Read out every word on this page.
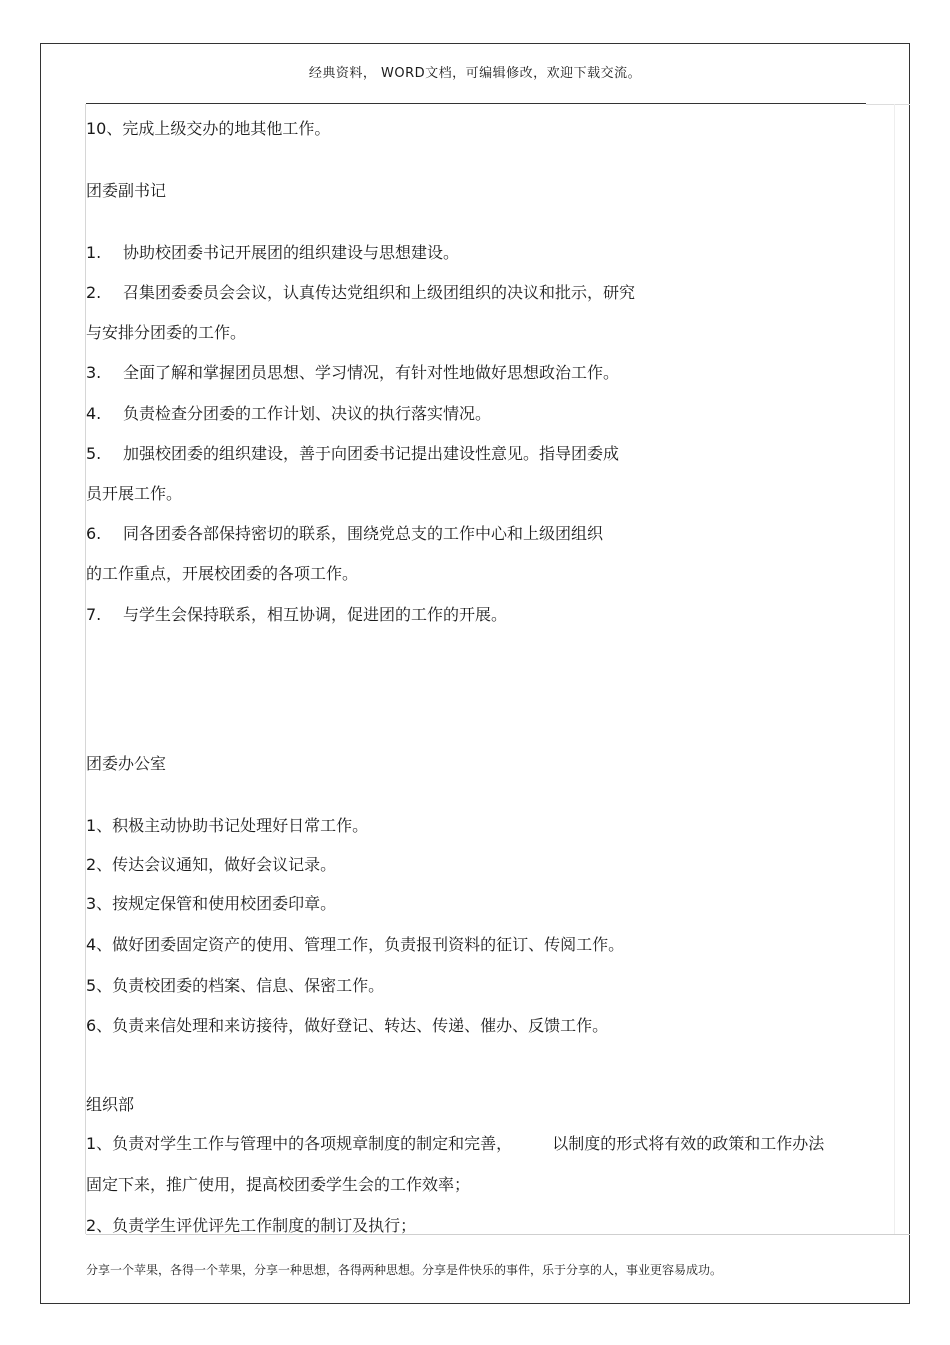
经典资料， WORD文档，可编辑修改，欢迎下载交流。
10、完成上级交办的地其他工作。
团委副书记
1. 协助校团委书记开展团的组织建设与思想建设。
2. 召集团委委员会会议，认真传达党组织和上级团组织的决议和批示，研究
与安排分团委的工作。
3. 全面了解和掌握团员思想、学习情况，有针对性地做好思想政治工作。
4. 负责检查分团委的工作计划、决议的执行落实情况。
5. 加强校团委的组织建设，善于向团委书记提出建设性意见。指导团委成
员开展工作。
6. 同各团委各部保持密切的联系，围绕党总支的工作中心和上级团组织
的工作重点，开展校团委的各项工作。
7. 与学生会保持联系，相互协调，促进团的工作的开展。
团委办公室
1、积极主动协助书记处理好日常工作。
2、传达会议通知，做好会议记录。
3、按规定保管和使用校团委印章。
4、做好团委固定资产的使用、管理工作，负责报刊资料的征订、传阅工作。
5、负责校团委的档案、信息、保密工作。
6、负责来信处理和来访接待，做好登记、转达、传递、催办、反馈工作。
组织部
1、负责对学生工作与管理中的各项规章制度的制定和完善，	以制度的形式将有效的政策和工作办法
固定下来，推广使用，提高校团委学生会的工作效率；
2、负责学生评优评先工作制度的制订及执行；
分享一个苹果，各得一个苹果，分享一种思想，各得两种思想。分享是件快乐的事件，乐于分享的人，事业更容易成功。
